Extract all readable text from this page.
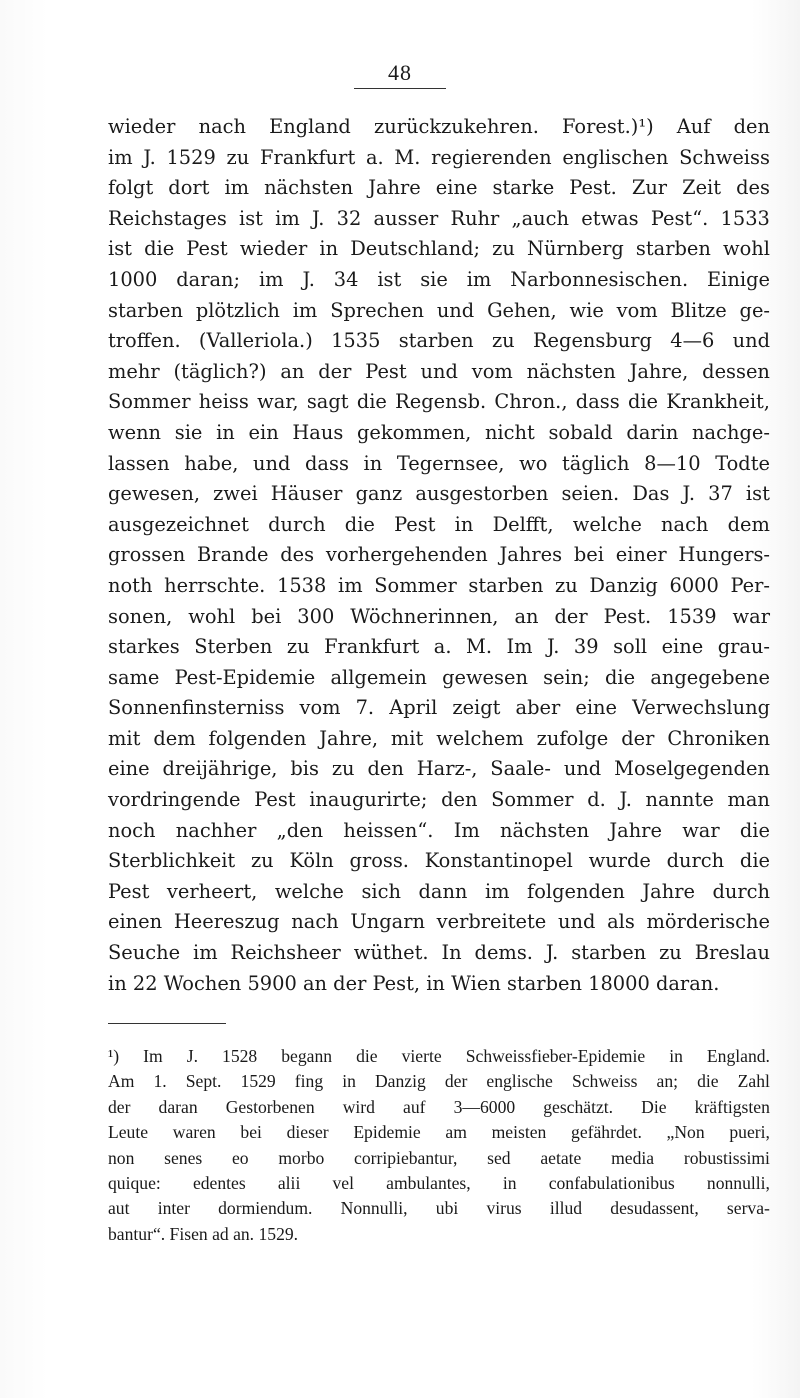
48
wieder nach England zurückzukehren. Forest.)¹) Auf den
im J. 1529 zu Frankfurt a. M. regierenden englischen Schweiss
folgt dort im nächsten Jahre eine starke Pest. Zur Zeit des
Reichstages ist im J. 32 ausser Ruhr „auch etwas Pest“. 1533
ist die Pest wieder in Deutschland; zu Nürnberg starben wohl
1000 daran; im J. 34 ist sie im Narbonnesischen. Einige
starben plötzlich im Sprechen und Gehen, wie vom Blitze ge-
troffen. (Valleriola.) 1535 starben zu Regensburg 4—6 und
mehr (täglich?) an der Pest und vom nächsten Jahre, dessen
Sommer heiss war, sagt die Regensb. Chron., dass die Krankheit,
wenn sie in ein Haus gekommen, nicht sobald darin nachge-
lassen habe, und dass in Tegernsee, wo täglich 8—10 Todte
gewesen, zwei Häuser ganz ausgestorben seien. Das J. 37 ist
ausgezeichnet durch die Pest in Delfft, welche nach dem
grossen Brande des vorhergehenden Jahres bei einer Hungers-
noth herrschte. 1538 im Sommer starben zu Danzig 6000 Per-
sonen, wohl bei 300 Wöchnerinnen, an der Pest. 1539 war
starkes Sterben zu Frankfurt a. M. Im J. 39 soll eine grau-
same Pest-Epidemie allgemein gewesen sein; die angegebene
Sonnenfinsterniss vom 7. April zeigt aber eine Verwechslung
mit dem folgenden Jahre, mit welchem zufolge der Chroniken
eine dreijährige, bis zu den Harz-, Saale- und Moselgegenden
vordringende Pest inaugurirte; den Sommer d. J. nannte man
noch nachher „den heissen“. Im nächsten Jahre war die
Sterblichkeit zu Köln gross. Konstantinopel wurde durch die
Pest verheert, welche sich dann im folgenden Jahre durch
einen Heereszug nach Ungarn verbreitete und als mörderische
Seuche im Reichsheer wüthet. In dems. J. starben zu Breslau
in 22 Wochen 5900 an der Pest, in Wien starben 18000 daran.
¹) Im J. 1528 begann die vierte Schweissfieber-Epidemie in England.
Am 1. Sept. 1529 fing in Danzig der englische Schweiss an; die Zahl
der daran Gestorbenen wird auf 3—6000 geschätzt. Die kräftigsten
Leute waren bei dieser Epidemie am meisten gefährdet. „Non pueri,
non senes eo morbo corripiebantur, sed aetate media robustissimi
quique: edentes alii vel ambulantes, in confabulationibus nonnulli,
aut inter dormiendum. Nonnulli, ubi virus illud desudassent, serva-
bantur“. Fisen ad an. 1529.
